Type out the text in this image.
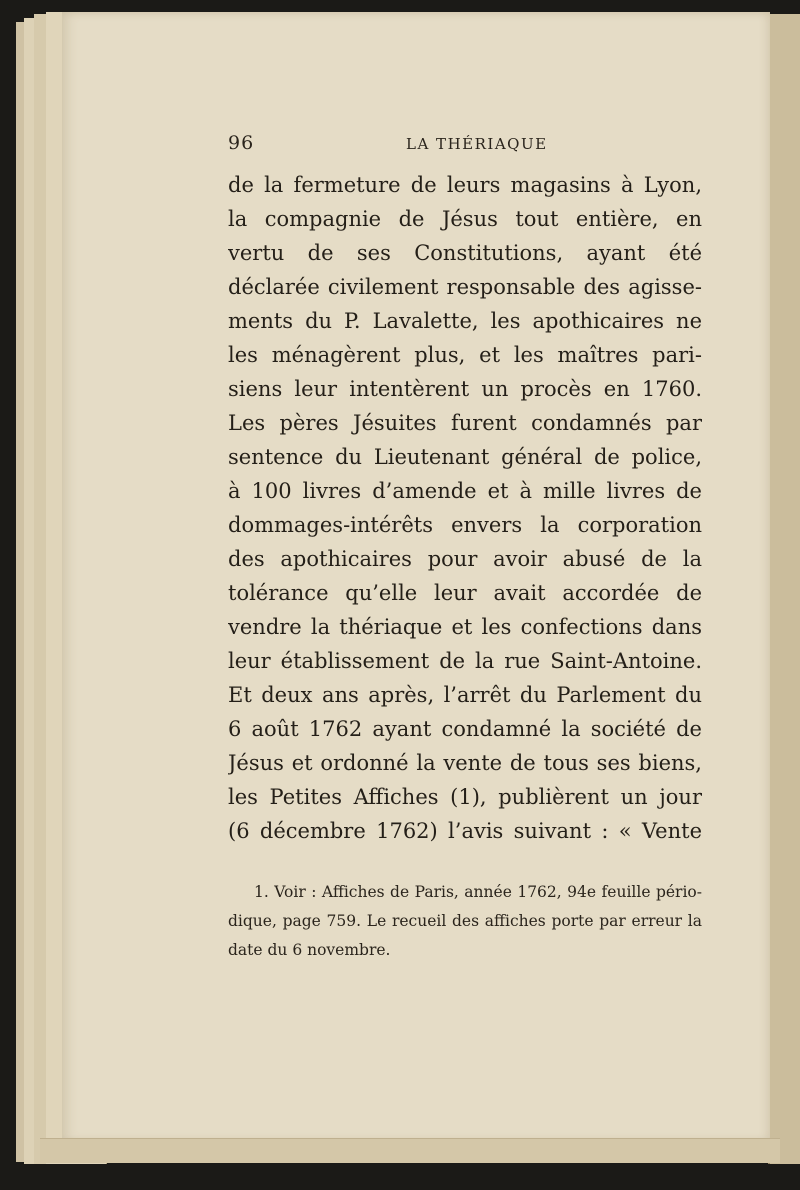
96	LA THÉRIAQUE
de la fermeture de leurs magasins à Lyon,
la compagnie de Jésus tout entière, en
vertu de ses Constitutions, ayant été
déclarée civilement responsable des agisse-
ments du P. Lavalette, les apothicaires ne
les ménagèrent plus, et les maîtres pari-
siens leur intentèrent un procès en 1760.
Les pères Jésuites furent condamnés par
sentence du Lieutenant général de police,
à 100 livres d’amende et à mille livres de
dommages-intérêts envers la corporation
des apothicaires pour avoir abusé de la
tolérance qu’elle leur avait accordée de
vendre la thériaque et les confections dans
leur établissement de la rue Saint-Antoine.
Et deux ans après, l’arrêt du Parlement du
6 août 1762 ayant condamné la société de
Jésus et ordonné la vente de tous ses biens,
les Petites Affiches (1), publièrent un jour
(6 décembre 1762) l’avis suivant : « Vente
1. Voir : Affiches de Paris, année 1762, 94e feuille pério-
dique, page 759. Le recueil des affiches porte par erreur la
date du 6 novembre.
